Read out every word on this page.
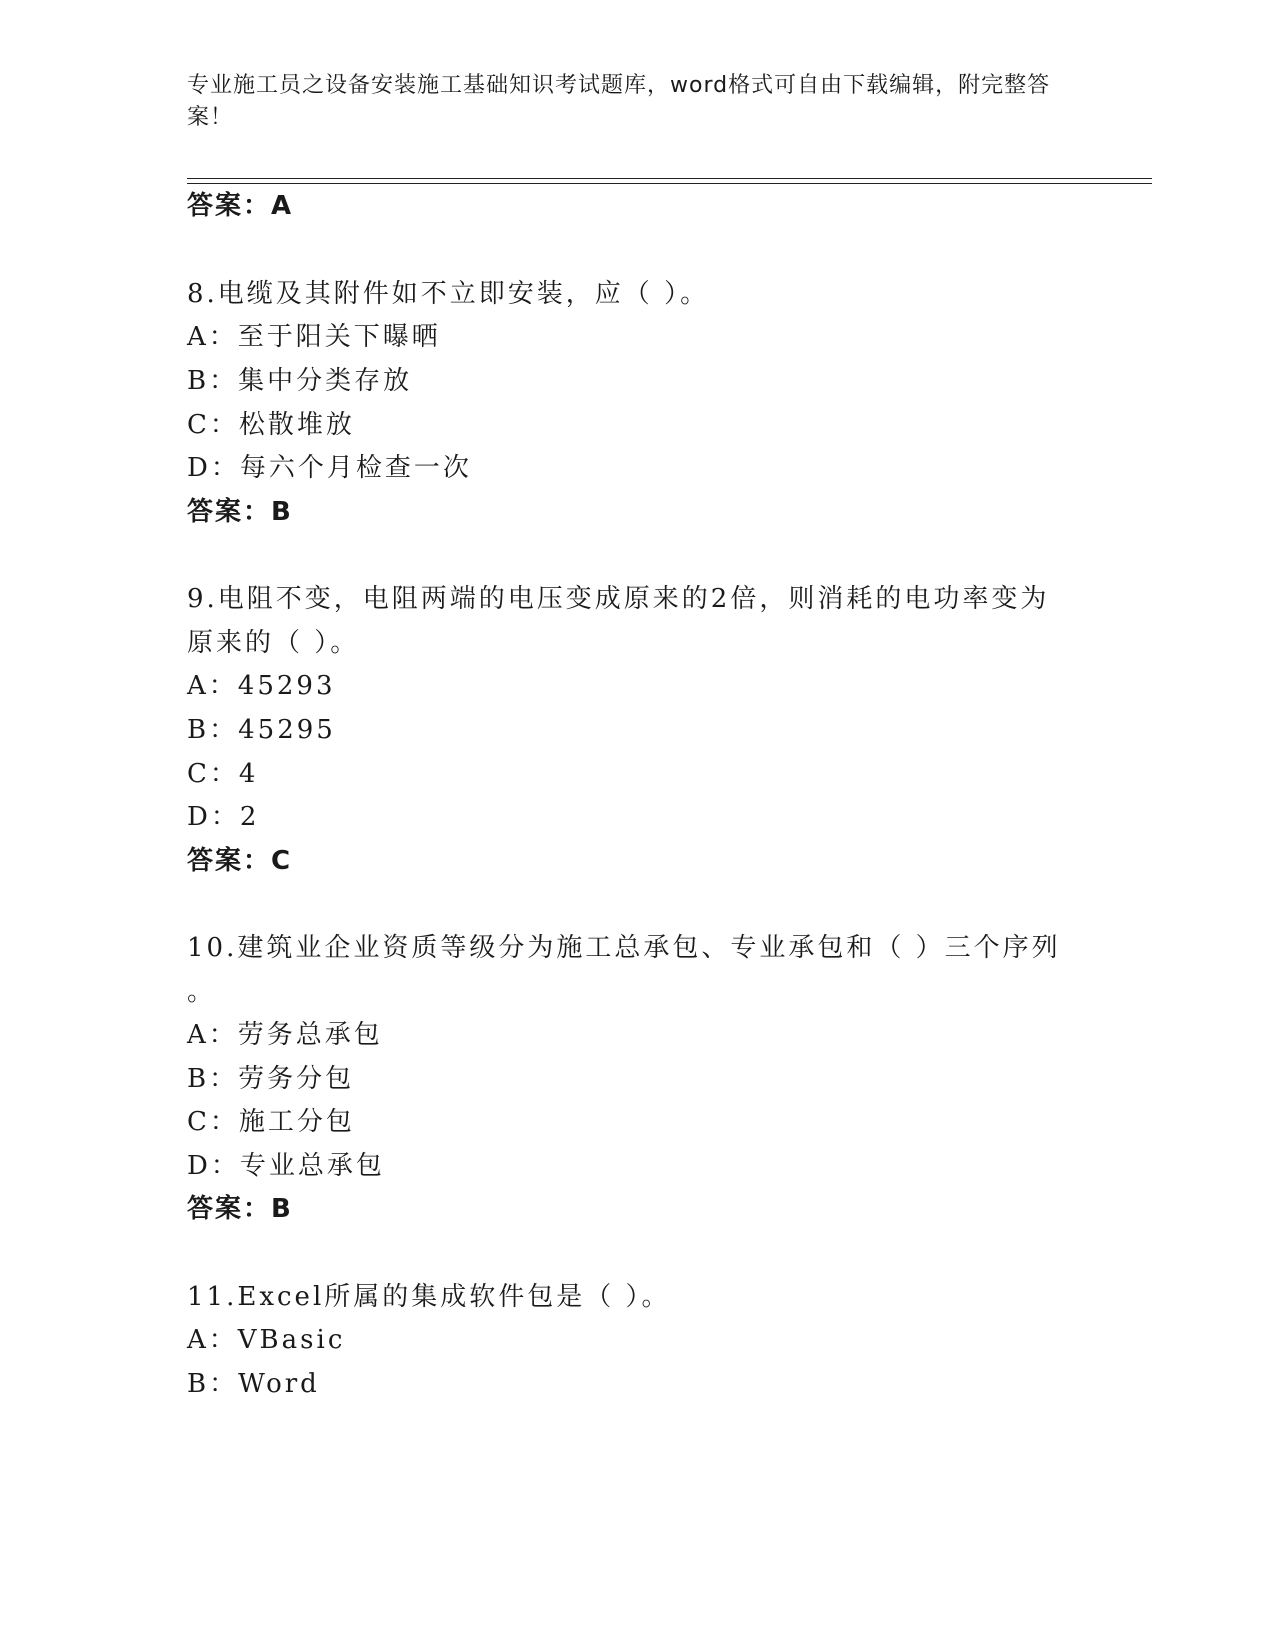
专业施工员之设备安装施工基础知识考试题库，word格式可自由下载编辑，附完整答案！
答案：A
8.电缆及其附件如不立即安装，应（ ）。
A：至于阳关下曝晒
B：集中分类存放
C：松散堆放
D：每六个月检查一次
答案：B
9.电阻不变，电阻两端的电压变成原来的2倍，则消耗的电功率变为
原来的（ ）。
A：45293
B：45295
C：4
D：2
答案：C
10.建筑业企业资质等级分为施工总承包、专业承包和（ ）三个序列
。
A：劳务总承包
B：劳务分包
C：施工分包
D：专业总承包
答案：B
11.Excel所属的集成软件包是（ ）。
A：VBasic
B：Word
